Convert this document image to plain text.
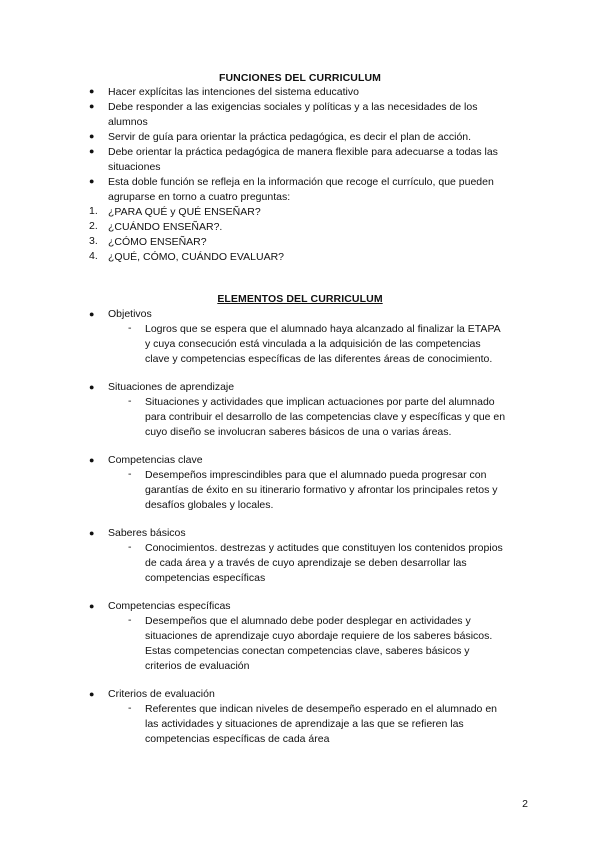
FUNCIONES DEL CURRICULUM
● Hacer explícitas las intenciones del sistema educativo
● Debe responder a las exigencias sociales y políticas y a las necesidades de los
alumnos
● Servir de guía para orientar la práctica pedagógica, es decir el plan de acción.
● Debe orientar la práctica pedagógica de manera flexible para adecuarse a todas las
situaciones
● Esta doble función se refleja en la información que recoge el currículo, que pueden
agruparse en torno a cuatro preguntas:
1. ¿PARA QUÉ y QUÉ ENSEÑAR?
2. ¿CUÁNDO ENSEÑAR?.
3. ¿CÓMO ENSEÑAR?
4. ¿QUÉ, CÓMO, CUÁNDO EVALUAR?
ELEMENTOS DEL CURRICULUM
● Objetivos
- Logros que se espera que el alumnado haya alcanzado al finalizar la ETAPA
y cuya consecución está vinculada a la adquisición de las competencias
clave y competencias específicas de las diferentes áreas de conocimiento.
● Situaciones de aprendizaje
- Situaciones y actividades que implican actuaciones por parte del alumnado
para contribuir el desarrollo de las competencias clave y específicas y que en
cuyo diseño se involucran saberes básicos de una o varias áreas.
● Competencias clave
- Desempeños imprescindibles para que el alumnado pueda progresar con
garantías de éxito en su itinerario formativo y afrontar los principales retos y
desafíos globales y locales.
● Saberes básicos
- Conocimientos. destrezas y actitudes que constituyen los contenidos propios
de cada área y a través de cuyo aprendizaje se deben desarrollar las
competencias específicas
● Competencias específicas
- Desempeños que el alumnado debe poder desplegar en actividades y
situaciones de aprendizaje cuyo abordaje requiere de los saberes básicos.
Estas competencias conectan competencias clave, saberes básicos y
criterios de evaluación
● Criterios de evaluación
- Referentes que indican niveles de desempeño esperado en el alumnado en
las actividades y situaciones de aprendizaje a las que se refieren las
competencias específicas de cada área
2
